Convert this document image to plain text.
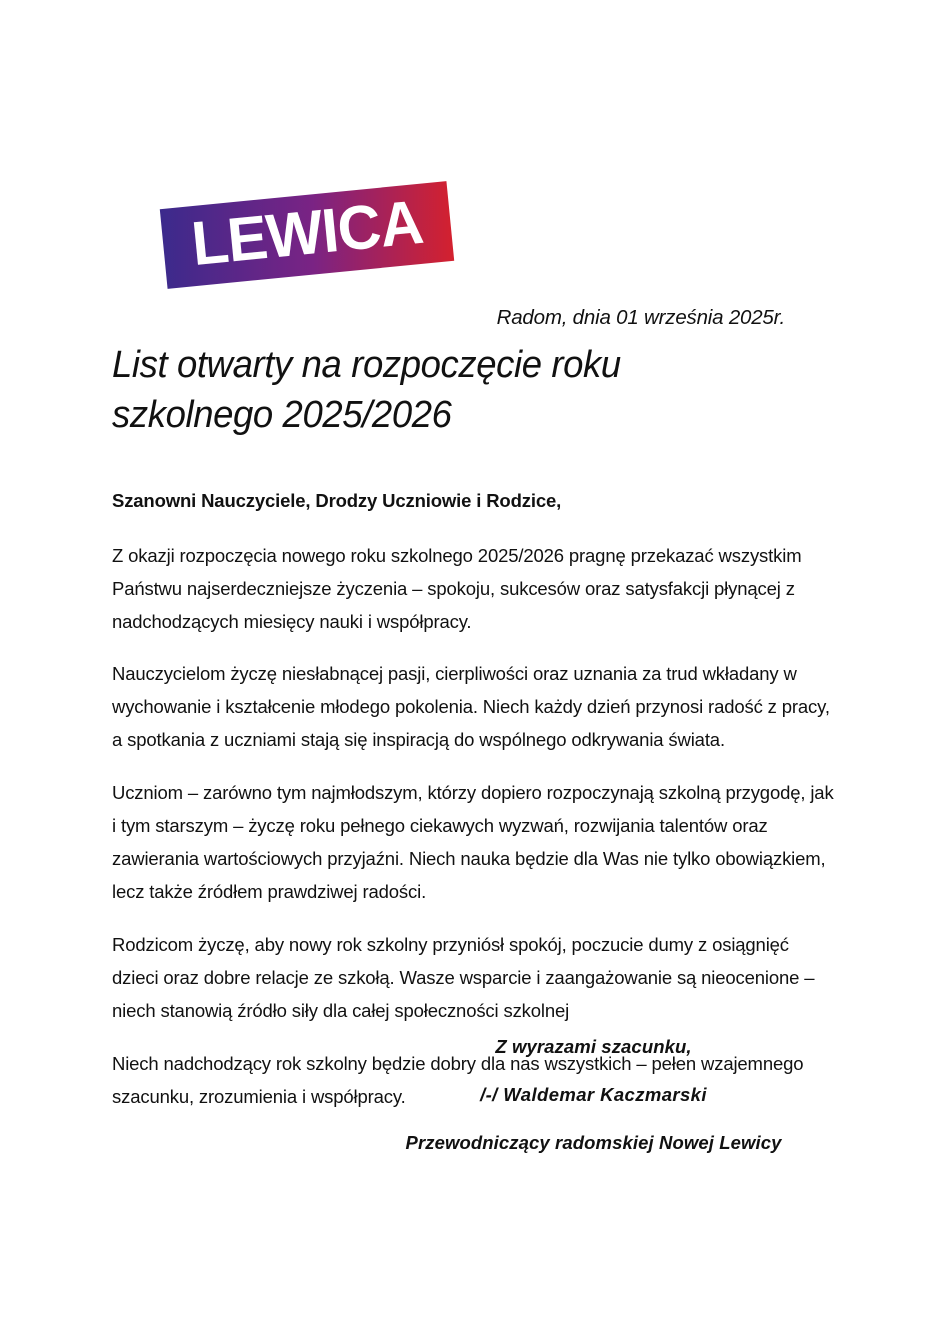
LEWICA
Radom, dnia 01 września 2025r.
List otwarty na rozpoczęcie roku szkolnego 2025/2026

Szanowni Nauczyciele, Drodzy Uczniowie i Rodzice,

Z okazji rozpoczęcia nowego roku szkolnego 2025/2026 pragnę przekazać wszystkim Państwu najserdeczniejsze życzenia – spokoju, sukcesów oraz satysfakcji płynącej z nadchodzących miesięcy nauki i współpracy.

Nauczycielom życzę niesłabnącej pasji, cierpliwości oraz uznania za trud wkładany w wychowanie i kształcenie młodego pokolenia. Niech każdy dzień przynosi radość z pracy, a spotkania z uczniami stają się inspiracją do wspólnego odkrywania świata.

Uczniom – zarówno tym najmłodszym, którzy dopiero rozpoczynają szkolną przygodę, jak i tym starszym – życzę roku pełnego ciekawych wyzwań, rozwijania talentów oraz zawierania wartościowych przyjaźni. Niech nauka będzie dla Was nie tylko obowiązkiem, lecz także źródłem prawdziwej radości.

Rodzicom życzę, aby nowy rok szkolny przyniósł spokój, poczucie dumy z osiągnięć dzieci oraz dobre relacje ze szkołą. Wasze wsparcie i zaangażowanie są nieocenione – niech stanowią źródło siły dla całej społeczności szkolnej

Niech nadchodzący rok szkolny będzie dobry dla nas wszystkich – pełen wzajemnego szacunku, zrozumienia i współpracy.

Z wyrazami szacunku,

/-/ Waldemar Kaczmarski

Przewodniczący radomskiej Nowej Lewicy
